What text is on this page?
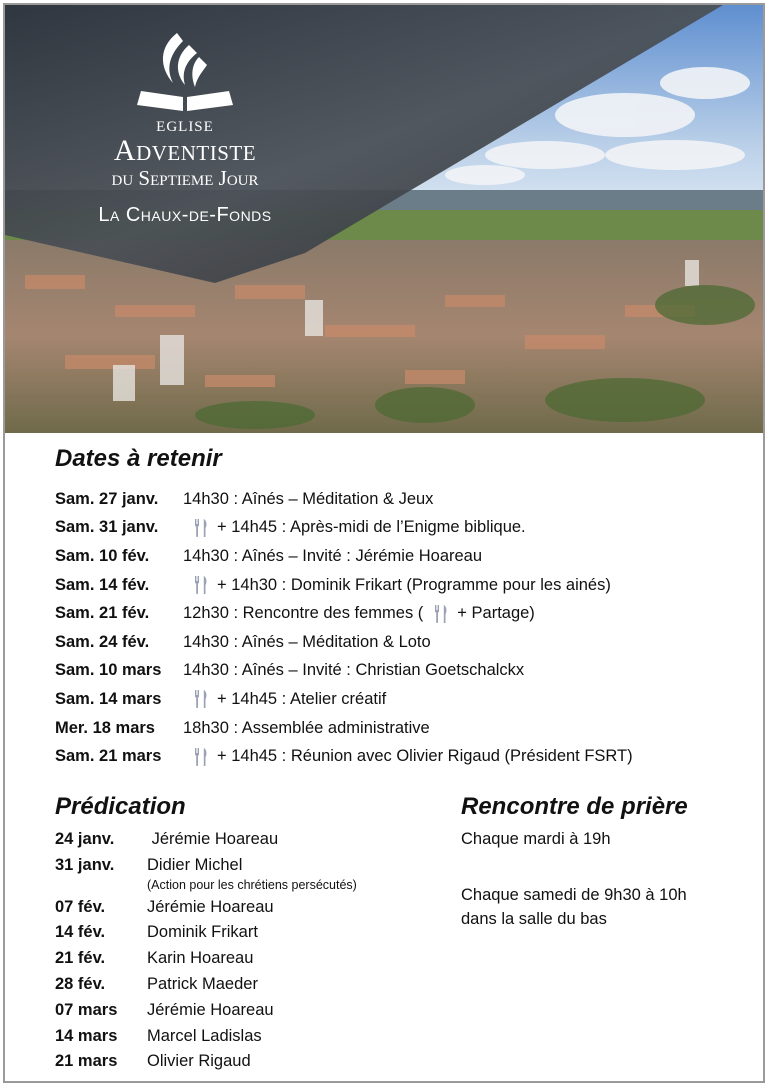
EGLISE
Adventiste
du Septieme Jour
La Chaux-de-Fonds
Dates à retenir
Sam. 27 janv.	14h30 : Aînés – Méditation & Jeux
Sam. 31 janv.	+ 14h45 : Après-midi de l’Enigme biblique.
Sam. 10 fév.	14h30 : Aînés – Invité : Jérémie Hoareau
Sam. 14 fév.	+ 14h30 : Dominik Frikart (Programme pour les ainés)
Sam. 21 fév.	12h30 : Rencontre des femmes ( + Partage)
Sam. 24 fév.	14h30 : Aînés – Méditation & Loto
Sam. 10 mars	14h30 : Aînés – Invité : Christian Goetschalckx
Sam. 14 mars	+ 14h45 : Atelier créatif
Mer. 18 mars	18h30 : Assemblée administrative
Sam. 21 mars	+ 14h45 : Réunion avec Olivier Rigaud (Président FSRT)
Prédication
24 janv.	Jérémie Hoareau
31 janv.	Didier Michel
(Action pour les chrétiens persécutés)
07 fév.	Jérémie Hoareau
14 fév.	Dominik Frikart
21 fév.	Karin Hoareau
28 fév.	Patrick Maeder
07 mars	Jérémie Hoareau
14 mars	Marcel Ladislas
21 mars	Olivier Rigaud
Rencontre de prière
Chaque mardi à 19h
Chaque samedi de 9h30 à 10h
dans la salle du bas
